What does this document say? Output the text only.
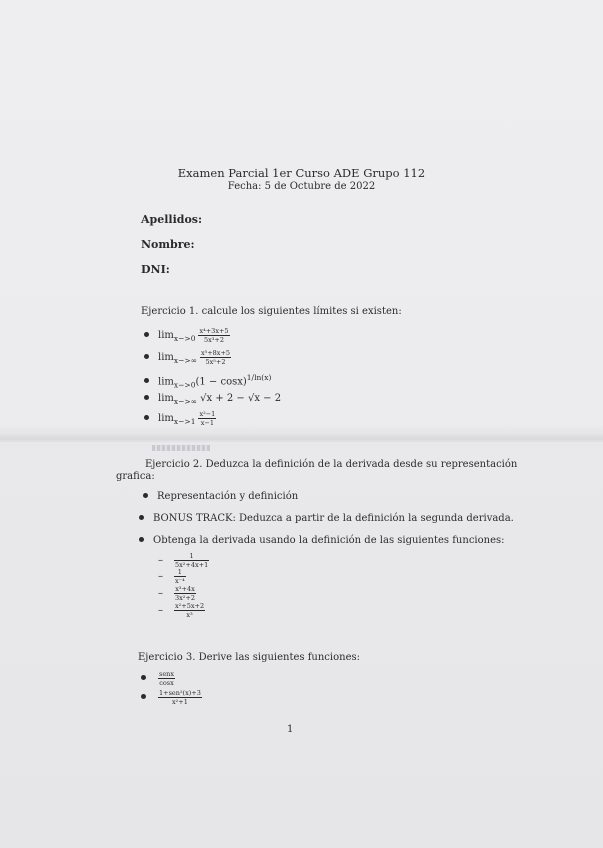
Examen Parcial 1er Curso ADE Grupo 112
Fecha: 5 de Octubre de 2022
Apellidos:
Nombre:
DNI:
Ejercicio 1. calcule los siguientes límites si existen:
$\lim_{x->0} \frac{\text{x⁴+3x+5}}{\text{5x³+2}}$
$\lim_{x->\infty} \frac{\text{x⁵+8x+5}}{\text{5x⁵+2}}$
$\lim_{x->0}(1 - \cos x)^{1/ln(x)}$
$\lim_{x->\infty} √x + 2 - √x - 2$
$\lim_{x->1} \frac{\text{x²−1}}{x-1}$
Ejercicio 2. Deduzca la definición de la derivada desde su representación
grafica:
Representación y definición
BONUS TRACK: Deduzca a partir de la definición la segunda derivada.
Obtenga la derivada usando la definición de las siguientes funciones:
– $\frac{1}{\text{5x²+4x+1}}$
– $\frac{1}{\text{x⁻⁴}}$
– $\frac{\text{x³+4x}}{\text{3x²+2}}$
– $\frac{\text{x²+5x+2}}{\text{x³}}$
Ejercicio 3. Derive las siguientes funciones:
$\frac{\text{senx}}{\cos x}$
$\frac{\text{1+sen²(x)+3}}{\text{x²+1}}$
1
